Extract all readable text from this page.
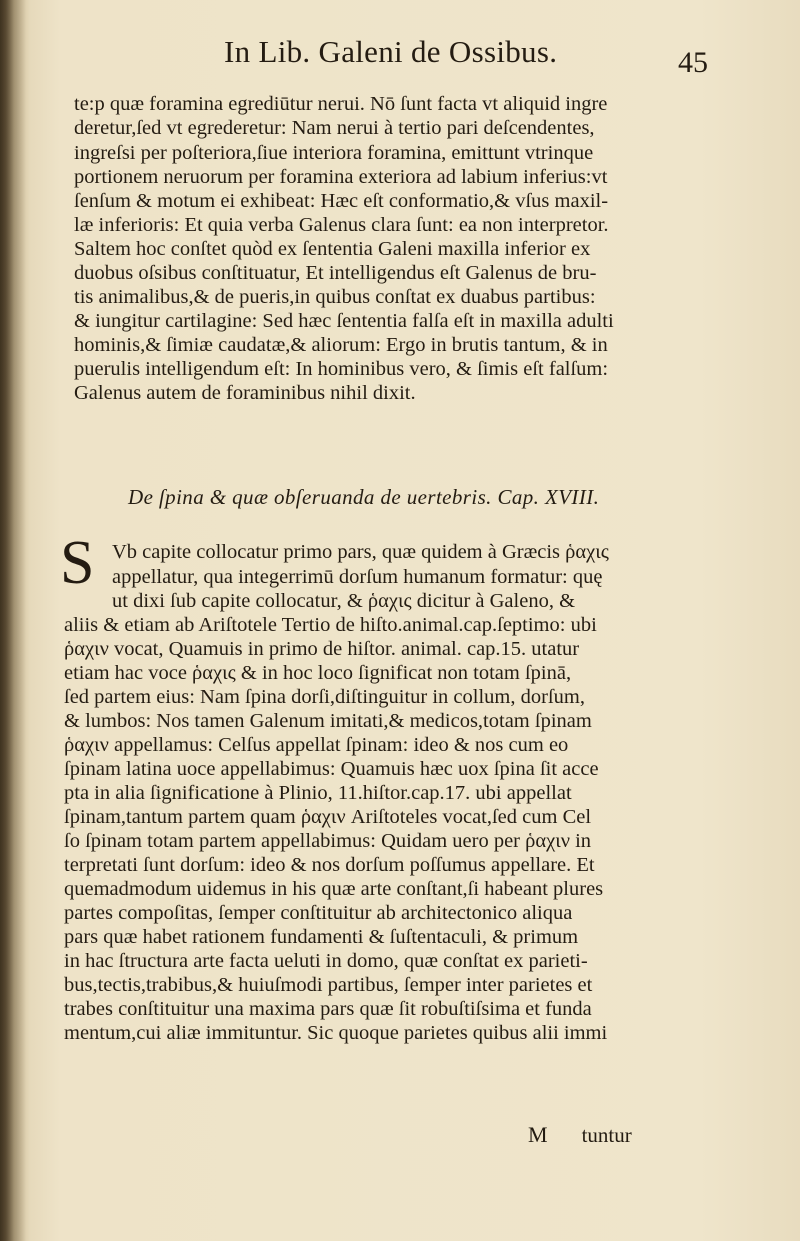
In Lib. Galeni de Ossibus.	45
te:p quæ foramina egrediūtur nerui. Nō ſunt facta vt aliquid ingre
deretur,ſed vt egrederetur: Nam nerui à tertio pari deſcendentes,
ingreſsi per poſteriora,ſiue interiora foramina, emittunt vtrinque
portionem neruorum per foramina exteriora ad labium inferius:vt
ſenſum & motum ei exhibeat: Hæc eſt conformatio,& vſus maxil-
læ inferioris: Et quia verba Galenus clara ſunt: ea non interpretor.
Saltem hoc conſtet quòd ex ſententia Galeni maxilla inferior ex
duobus oſsibus conſtituatur, Et intelligendus eſt Galenus de bru-
tis animalibus,& de pueris,in quibus conſtat ex duabus partibus:
& iungitur cartilagine: Sed hæc ſententia falſa eſt in maxilla adulti
hominis,& ſimiæ caudatæ,& aliorum: Ergo in brutis tantum, & in
puerulis intelligendum eſt: In hominibus vero, & ſimis eſt falſum:
Galenus autem de foraminibus nihil dixit.
De ſpina & quæ obſeruanda de uertebris. Cap. XVIII.
S Vb capite collocatur primo pars, quæ quidem à Græcis ῥαχις
appellatur, qua integerrimū dorſum humanum formatur: quę
ut dixi ſub capite collocatur, & ῥαχις dicitur à Galeno, &
aliis & etiam ab Ariſtotele Tertio de hiſto.animal.cap.ſeptimo: ubi
ῥαχιν vocat, Quamuis in primo de hiſtor. animal. cap.15. utatur
etiam hac voce ῥαχις & in hoc loco ſignificat non totam ſpinā,
ſed partem eius: Nam ſpina dorſi,diſtinguitur in collum, dorſum,
& lumbos: Nos tamen Galenum imitati,& medicos,totam ſpinam
ῥαχιν appellamus: Celſus appellat ſpinam: ideo & nos cum eo
ſpinam latina uoce appellabimus: Quamuis hæc uox ſpina ſit acce
pta in alia ſignificatione à Plinio, 11.hiſtor.cap.17. ubi appellat
ſpinam,tantum partem quam ῥαχιν Ariſtoteles vocat,ſed cum Cel
ſo ſpinam totam partem appellabimus: Quidam uero per ῥαχιν in
terpretati ſunt dorſum: ideo & nos dorſum poſſumus appellare. Et
quemadmodum uidemus in his quæ arte conſtant,ſi habeant plures
partes compoſitas, ſemper conſtituitur ab architectonico aliqua
pars quæ habet rationem fundamenti & ſuſtentaculi, & primum
in hac ſtructura arte facta ueluti in domo, quæ conſtat ex parieti-
bus,tectis,trabibus,& huiuſmodi partibus, ſemper inter parietes et
trabes conſtituitur una maxima pars quæ ſit robuſtiſsima et funda
mentum,cui aliæ immituntur. Sic quoque parietes quibus alii immi
M tuntur
